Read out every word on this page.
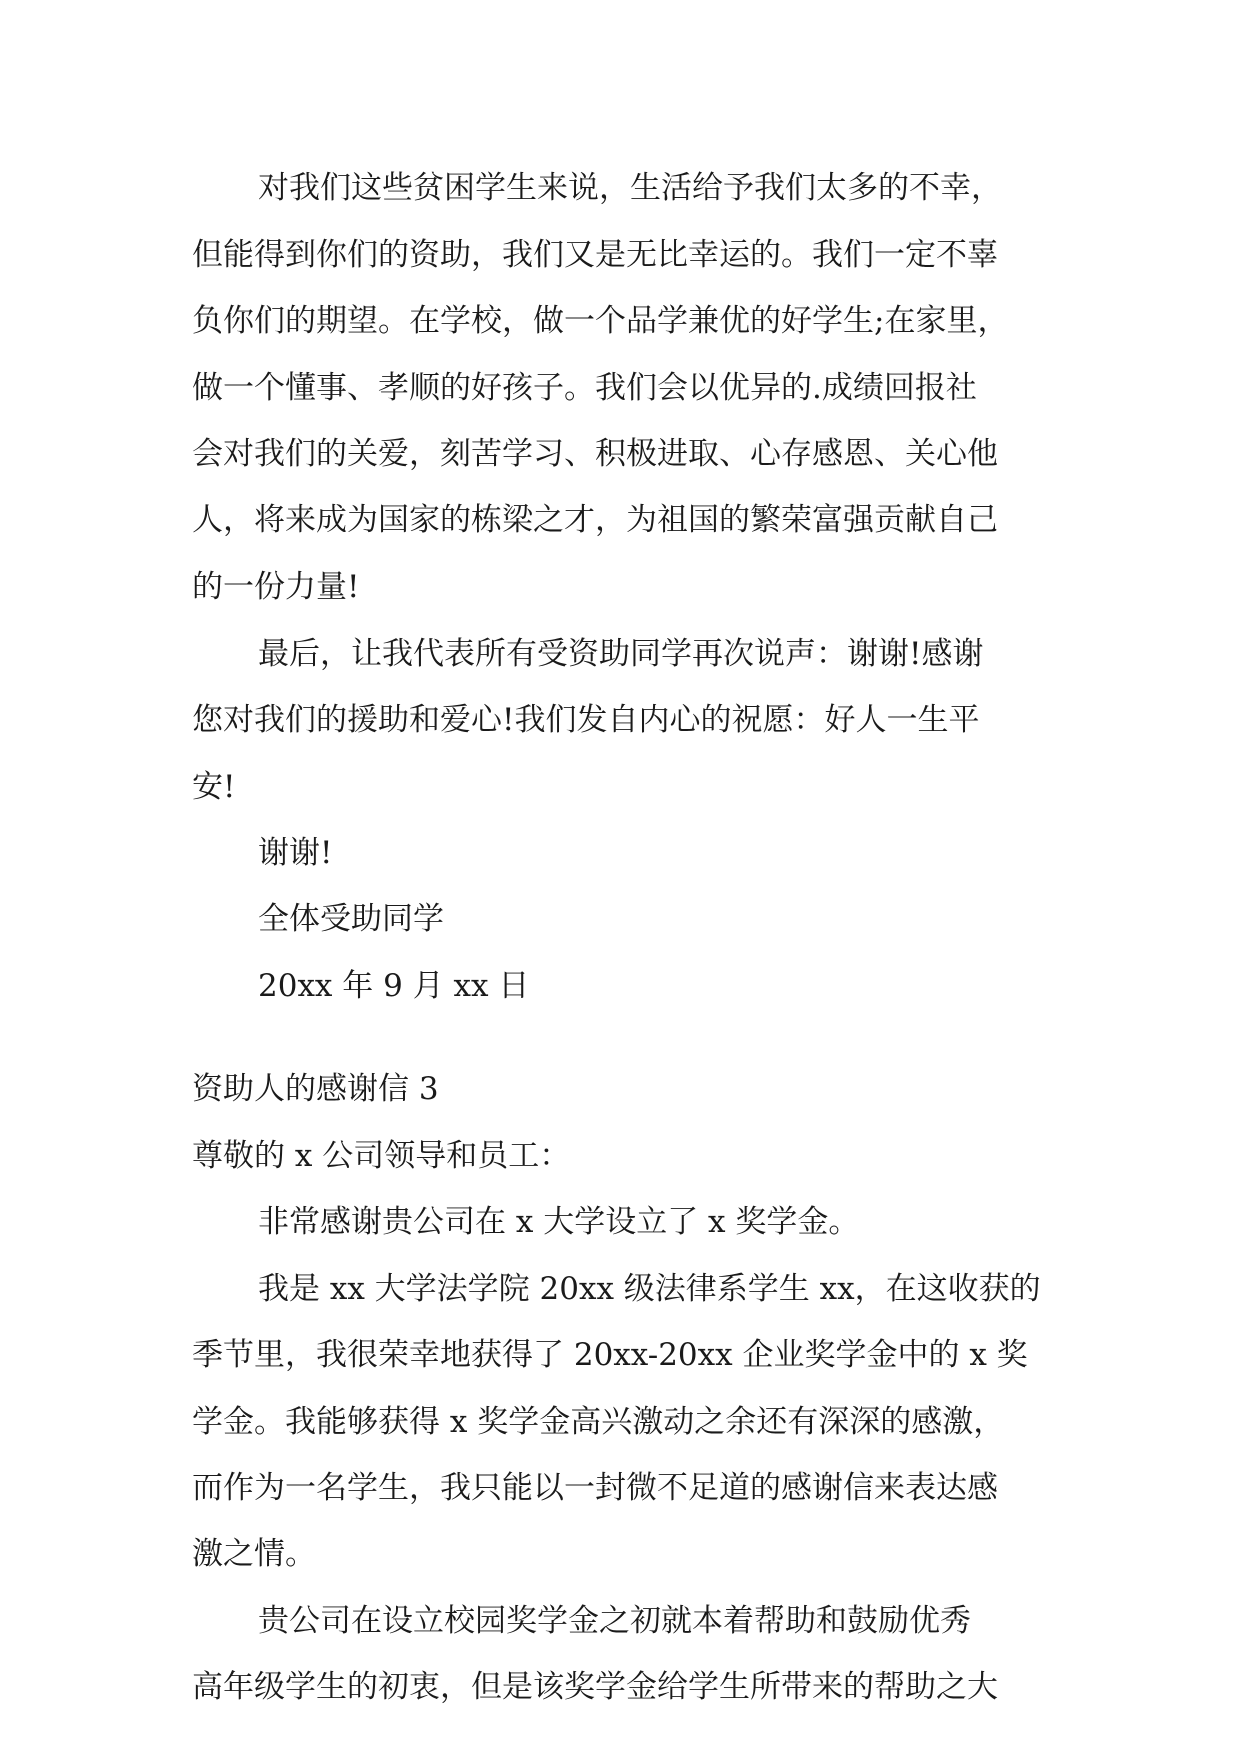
对我们这些贫困学生来说，生活给予我们太多的不幸，
但能得到你们的资助，我们又是无比幸运的。我们一定不辜
负你们的期望。在学校，做一个品学兼优的好学生;在家里，
做一个懂事、孝顺的好孩子。我们会以优异的.成绩回报社
会对我们的关爱，刻苦学习、积极进取、心存感恩、关心他
人，将来成为国家的栋梁之才，为祖国的繁荣富强贡献自己
的一份力量!
最后，让我代表所有受资助同学再次说声：谢谢!感谢
您对我们的援助和爱心!我们发自内心的祝愿：好人一生平
安!
谢谢!
全体受助同学
20xx 年 9 月 xx 日
资助人的感谢信 3
尊敬的 x 公司领导和员工：
非常感谢贵公司在 x 大学设立了 x 奖学金。
我是 xx 大学法学院 20xx 级法律系学生 xx，在这收获的
季节里，我很荣幸地获得了 20xx-20xx 企业奖学金中的 x 奖
学金。我能够获得 x 奖学金高兴激动之余还有深深的感激，
而作为一名学生，我只能以一封微不足道的感谢信来表达感
激之情。
贵公司在设立校园奖学金之初就本着帮助和鼓励优秀
高年级学生的初衷，但是该奖学金给学生所带来的帮助之大
